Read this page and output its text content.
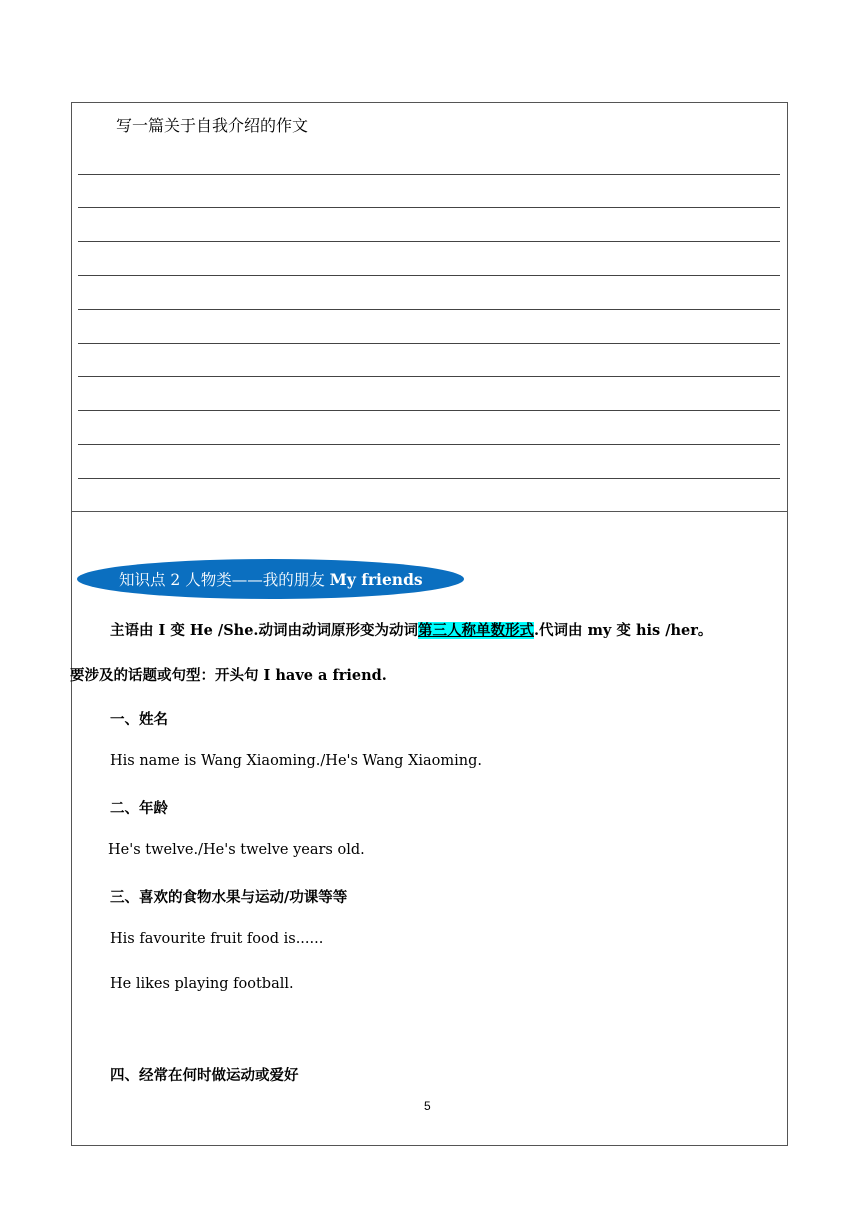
写一篇关于自我介绍的作文
知识点 2 人物类——我的朋友 My friends
主语由 I 变 He /She.动词由动词原形变为动词第三人称单数形式.代词由 my 变 his /her。
要涉及的话题或句型：开头句 I have a friend.
一、姓名
His name is Wang Xiaoming./He's Wang Xiaoming.
二、年龄
He's twelve./He's twelve years old.
三、喜欢的食物水果与运动/功课等等
His favourite fruit food is......
He likes playing football.
四、经常在何时做运动或爱好
5
